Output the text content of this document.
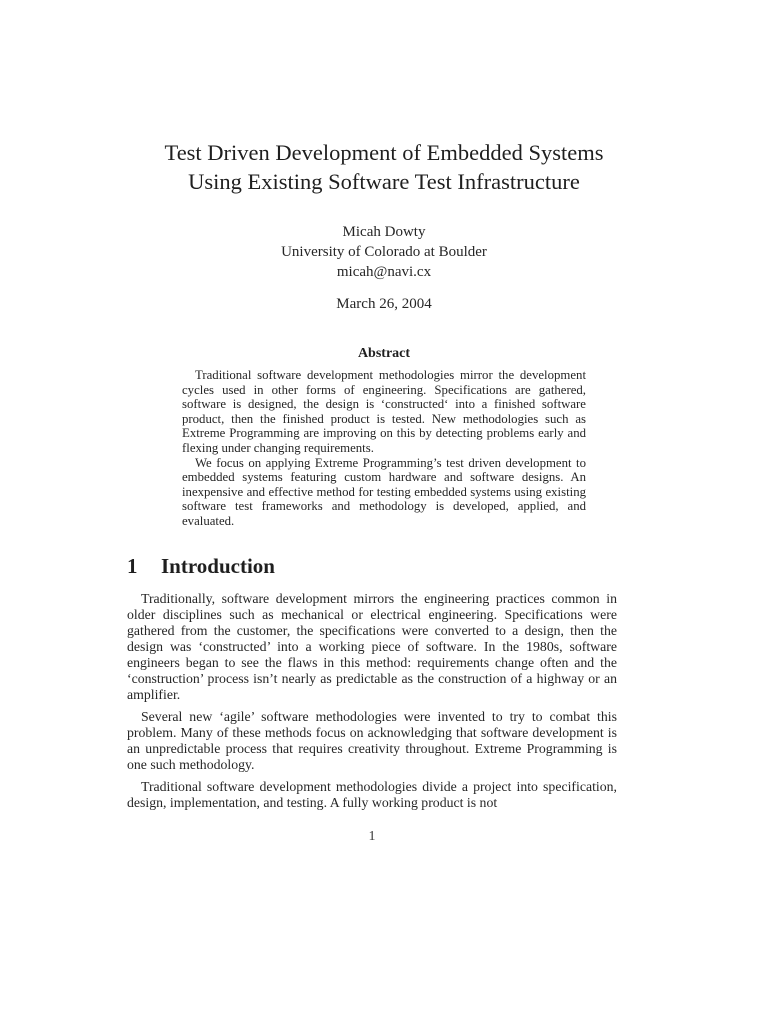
Test Driven Development of Embedded Systems
Using Existing Software Test Infrastructure
Micah Dowty
University of Colorado at Boulder
micah@navi.cx
March 26, 2004
Abstract

Traditional software development methodologies mirror the development cycles used in other forms of engineering. Specifications are gathered, software is designed, the design is ‘constructed‘ into a finished software product, then the finished product is tested. New methodologies such as Extreme Programming are improving on this by detecting problems early and flexing under changing requirements.

We focus on applying Extreme Programming’s test driven development to embedded systems featuring custom hardware and software designs. An inexpensive and effective method for testing embedded systems using existing software test frameworks and methodology is developed, applied, and evaluated.

1 Introduction

Traditionally, software development mirrors the engineering practices common in older disciplines such as mechanical or electrical engineering. Specifications were gathered from the customer, the specifications were converted to a design, then the design was ‘constructed’ into a working piece of software. In the 1980s, software engineers began to see the flaws in this method: requirements change often and the ‘construction’ process isn’t nearly as predictable as the construction of a highway or an amplifier.

Several new ‘agile’ software methodologies were invented to try to combat this problem. Many of these methods focus on acknowledging that software development is an unpredictable process that requires creativity throughout. Extreme Programming is one such methodology.

Traditional software development methodologies divide a project into specification, design, implementation, and testing. A fully working product is not

1
